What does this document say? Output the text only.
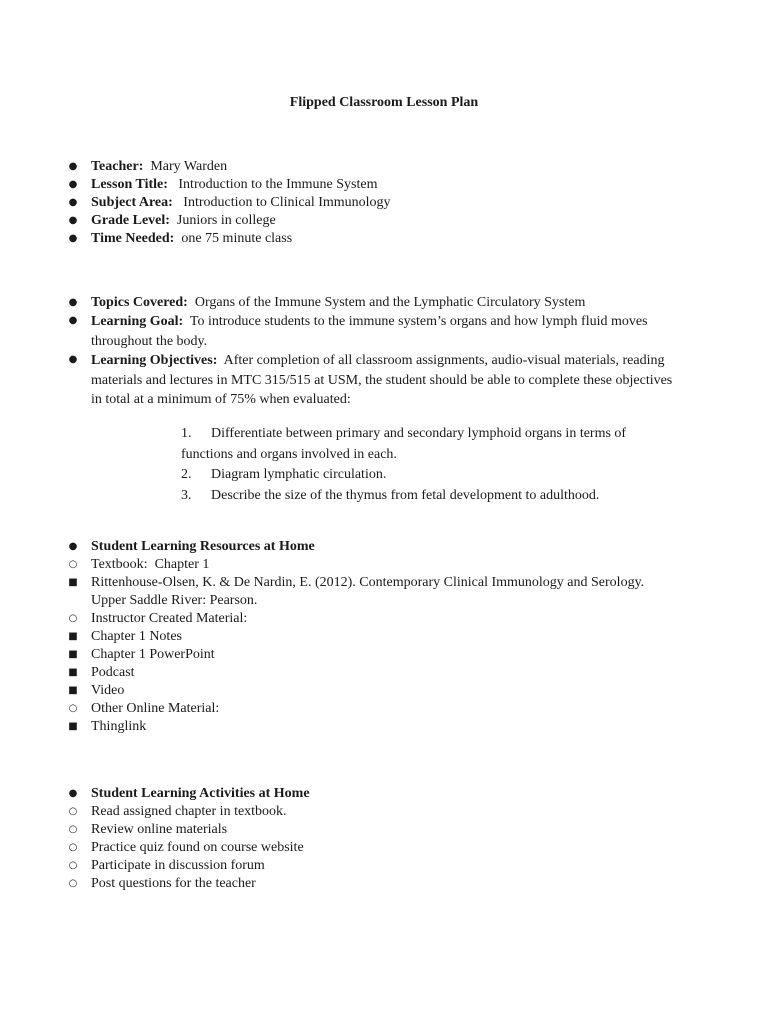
Flipped Classroom Lesson Plan
● Teacher:  Mary Warden
● Lesson Title:   Introduction to the Immune System
● Subject Area:   Introduction to Clinical Immunology
● Grade Level:  Juniors in college
● Time Needed:  one 75 minute class
● Topics Covered:  Organs of the Immune System and the Lymphatic Circulatory System
● Learning Goal:  To introduce students to the immune system’s organs and how lymph fluid moves throughout the body.
● Learning Objectives:  After completion of all classroom assignments, audio-visual materials, reading materials and lectures in MTC 315/515 at USM, the student should be able to complete these objectives in total at a minimum of 75% when evaluated:
1. Differentiate between primary and secondary lymphoid organs in terms of functions and organs involved in each.
2. Diagram lymphatic circulation.
3. Describe the size of the thymus from fetal development to adulthood.
● Student Learning Resources at Home
○ Textbook:  Chapter 1
■ Rittenhouse-Olsen, K. & De Nardin, E. (2012). Contemporary Clinical Immunology and Serology.  Upper Saddle River: Pearson.
○ Instructor Created Material:
■ Chapter 1 Notes
■ Chapter 1 PowerPoint
■ Podcast
■ Video
○ Other Online Material:
■ Thinglink
● Student Learning Activities at Home
○ Read assigned chapter in textbook.
○ Review online materials
○ Practice quiz found on course website
○ Participate in discussion forum
○ Post questions for the teacher
